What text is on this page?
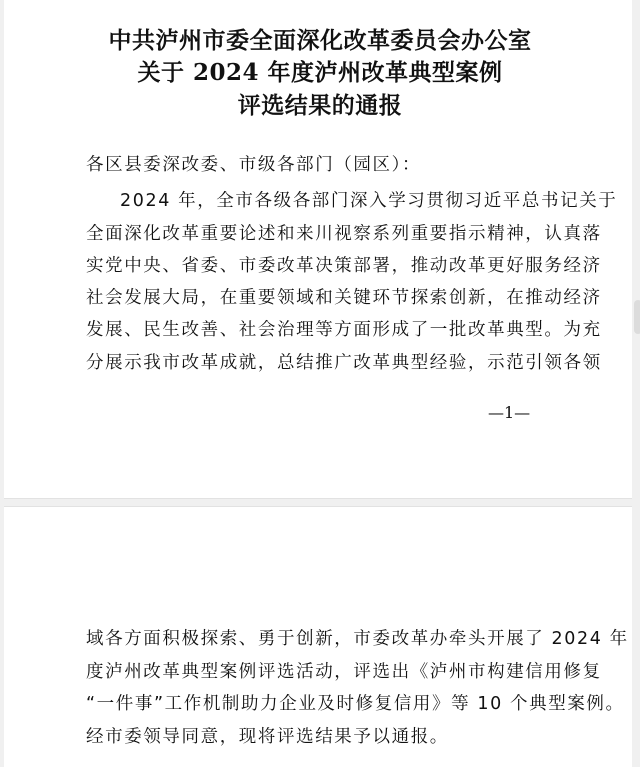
中共泸州市委全面深化改革委员会办公室
关于 2024 年度泸州改革典型案例
评选结果的通报
各区县委深改委、市级各部门（园区）：
2024 年，全市各级各部门深入学习贯彻习近平总书记关于
全面深化改革重要论述和来川视察系列重要指示精神，认真落
实党中央、省委、市委改革决策部署，推动改革更好服务经济
社会发展大局，在重要领域和关键环节探索创新，在推动经济
发展、民生改善、社会治理等方面形成了一批改革典型。为充
分展示我市改革成就，总结推广改革典型经验，示范引领各领
—1—
域各方面积极探索、勇于创新，市委改革办牵头开展了 2024 年
度泸州改革典型案例评选活动，评选出《泸州市构建信用修复
“一件事”工作机制助力企业及时修复信用》等 10 个典型案例。
经市委领导同意，现将评选结果予以通报。
